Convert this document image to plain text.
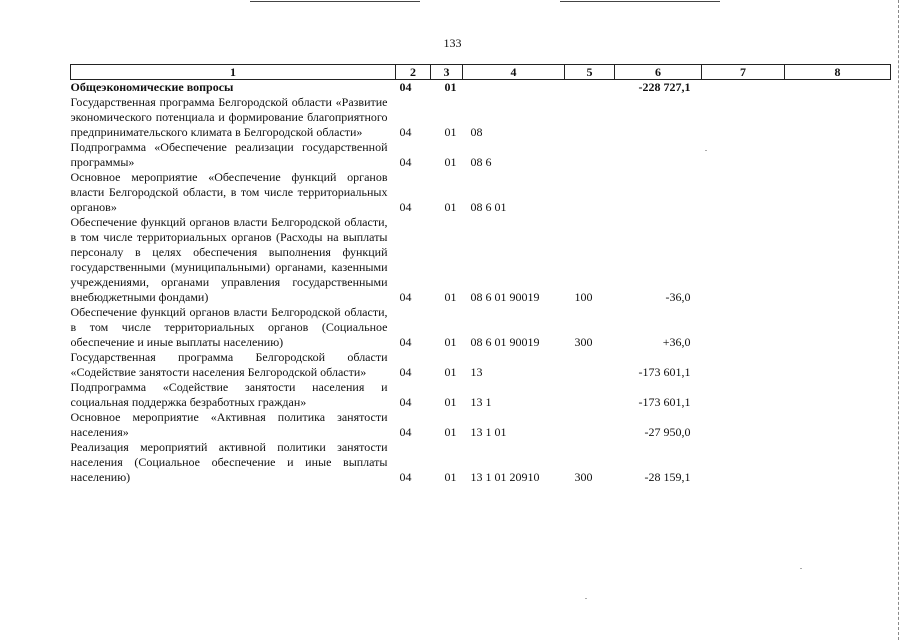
133
1	2	3	4	5	6	7	8
Общеэкономические вопросы	04	01			-228 727,1		
Государственная программа Белгородской области «Развитие экономического потенциала и формирование благоприятного предпринимательского климата в Белгородской области»	04	01	08				
Подпрограмма «Обеспечение реализации государственной программы»	04	01	08 6				
Основное мероприятие «Обеспечение функций органов власти Белгородской области, в том числе территориальных органов»	04	01	08 6 01				
Обеспечение функций органов власти Белгородской области, в том числе территориальных органов (Расходы на выплаты персоналу в целях обеспечения выполнения функций государственными (муниципальными) органами, казенными учреждениями, органами управления государственными внебюджетными фондами)	04	01	08 6 01 90019	100	-36,0		
Обеспечение функций органов власти Белгородской области, в том числе территориальных органов (Социальное обеспечение и иные выплаты населению)	04	01	08 6 01 90019	300	+36,0		
Государственная программа Белгородской области «Содействие занятости населения Белгородской области»	04	01	13		-173 601,1		
Подпрограмма «Содействие занятости населения и социальная поддержка безработных граждан»	04	01	13 1		-173 601,1		
Основное мероприятие «Активная политика занятости населения»	04	01	13 1 01		-27 950,0		
Реализация мероприятий активной политики занятости населения (Социальное обеспечение и иные выплаты населению)	04	01	13 1 01 20910	300	-28 159,1		
